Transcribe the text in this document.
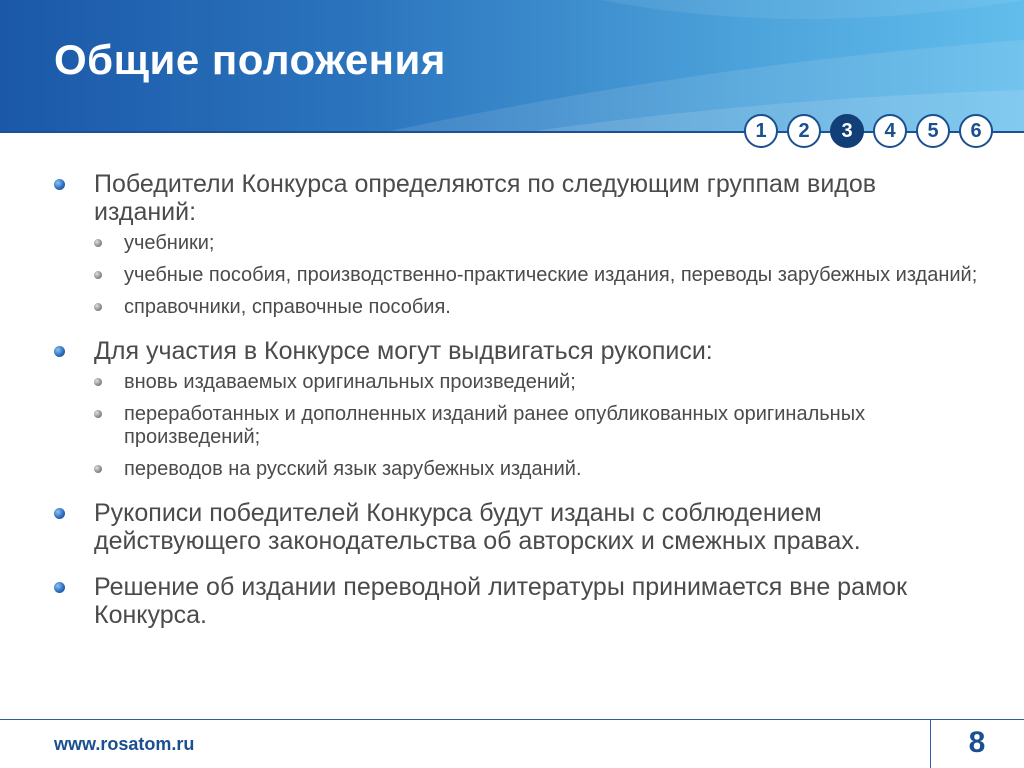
Общие положения
1	2	3	4	5	6
Победители Конкурса определяются по следующим группам видов изданий:
учебники;
учебные пособия, производственно-практические издания, переводы зарубежных изданий;
справочники, справочные пособия.
Для участия в Конкурсе могут выдвигаться рукописи:
вновь издаваемых оригинальных произведений;
переработанных и дополненных изданий ранее опубликованных оригинальных произведений;
переводов на русский язык зарубежных изданий.
Рукописи победителей Конкурса будут изданы с соблюдением действующего законодательства об авторских и смежных правах.
Решение об издании переводной литературы принимается вне рамок Конкурса.
www.rosatom.ru	8
